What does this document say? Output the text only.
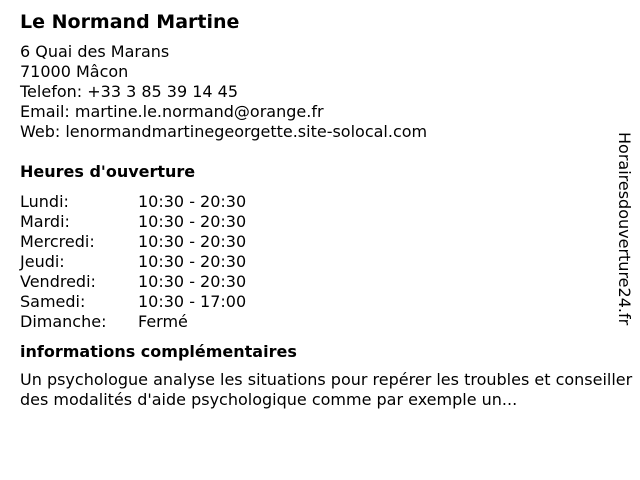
Le Normand Martine
6 Quai des Marans
71000 Mâcon
Telefon: +33 3 85 39 14 45
Email: martine.le.normand@orange.fr
Web: lenormandmartinegeorgette.site-solocal.com
Heures d'ouverture
Lundi:	10:30 - 20:30
Mardi:	10:30 - 20:30
Mercredi:	10:30 - 20:30
Jeudi:	10:30 - 20:30
Vendredi:	10:30 - 20:30
Samedi:	10:30 - 17:00
Dimanche:	Fermé
informations complémentaires
Un psychologue analyse les situations pour repérer les troubles et conseiller des modalités d'aide psychologique comme par exemple un...
Horairesdouverture24.fr
